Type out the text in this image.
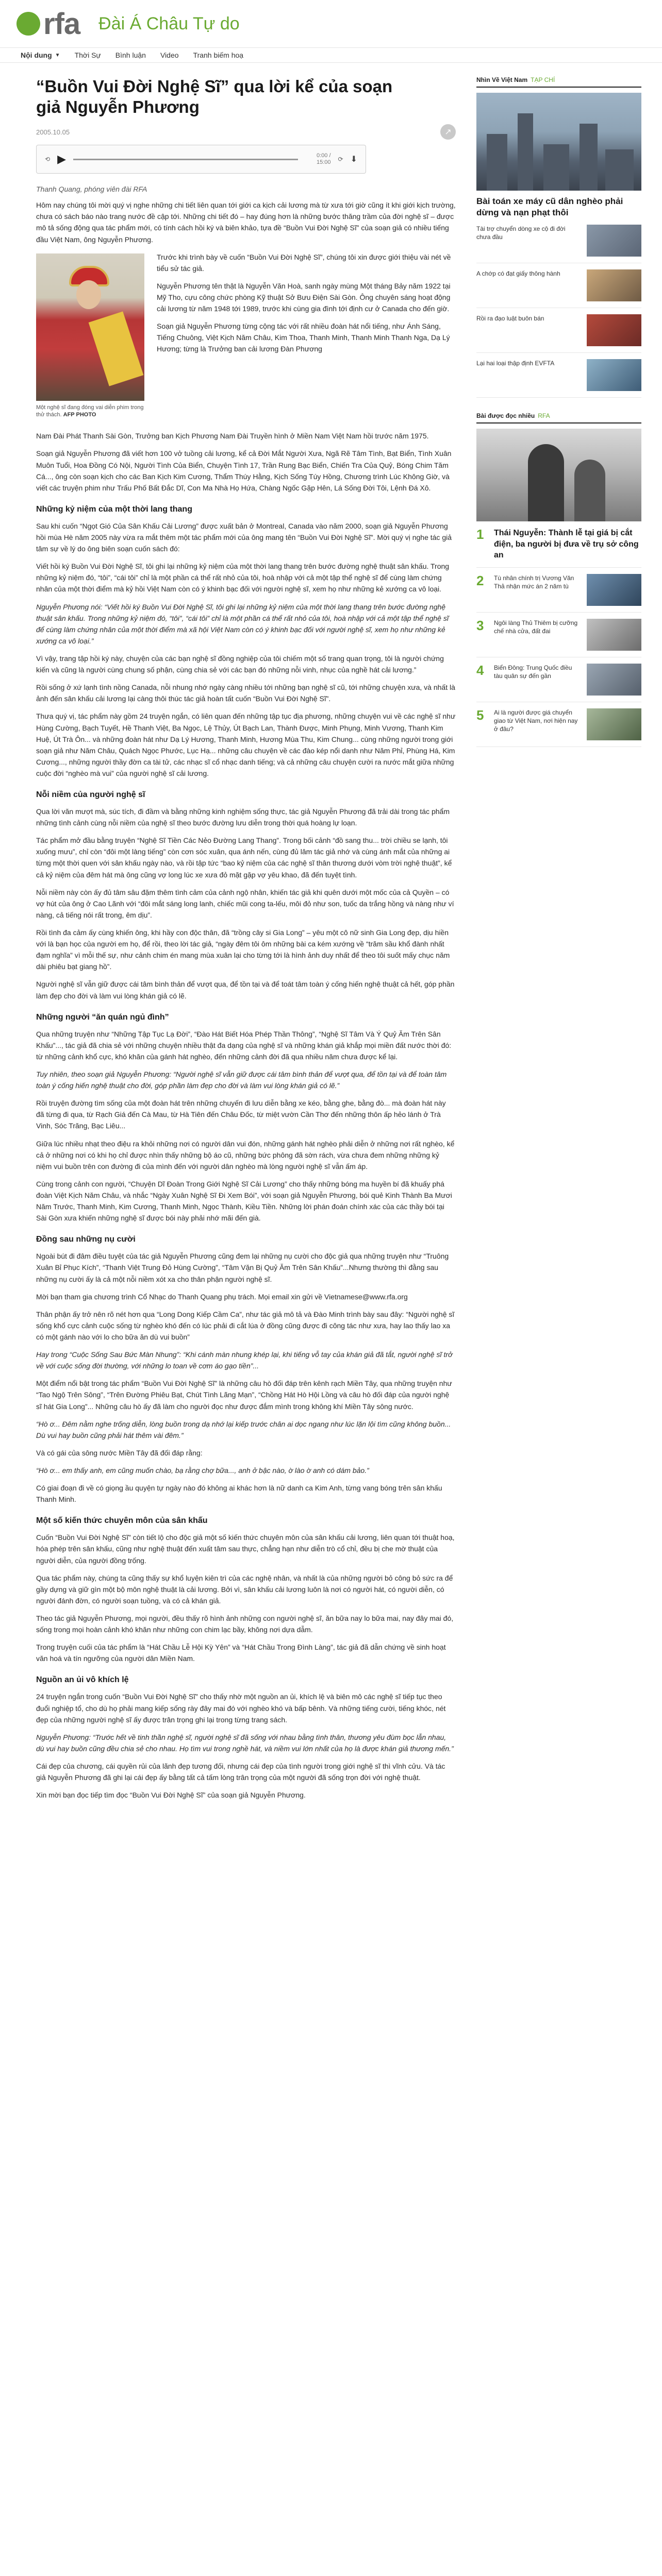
rfa Đài Á Châu Tự do
Nội dung ▼ Thời Sự Bình luận Video Tranh biếm hoạ
“Buồn Vui Đời Nghệ Sĩ” qua lời kể của soạn giả Nguyễn Phương
2005.10.05	↗
⟲ ▶	0:00 / 15:00 ⟳ ⬇
Thanh Quang, phóng viên đài RFA

Hôm nay chúng tôi mời quý vị nghe những chi tiết liên quan tới giới ca kịch cải lương mà từ xưa tới giờ cũng ít khi giới kịch trường, chưa có sách báo nào trang nước đề cập tới. Những chi tiết đó – hay đúng hơn là những bước thăng trầm của đời nghệ sĩ – được mô tả sống động qua tác phẩm mới, có tính cách hồi ký và biên khảo, tựa đề “Buồn Vui Đời Nghệ Sĩ” của soạn giả có nhiều tiếng đầu Việt Nam, ông Nguyễn Phương.

Một nghệ sĩ đang đóng vai diễn phim trong thử thách. AFP PHOTO

Trước khi trình bày về cuốn “Buồn Vui Đời Nghệ Sĩ”, chúng tôi xin được giới thiệu vài nét về tiểu sử tác giả.

Nguyễn Phương tên thật là Nguyễn Văn Hoà, sanh ngày mùng Một tháng Bảy năm 1922 tại Mỹ Tho, cựu công chức phòng Kỹ thuật Sở Bưu Điện Sài Gòn. Ông chuyên sáng hoạt động cải lương từ năm 1948 tới 1989, trước khi cùng gia đình tới định cư ở Canada cho đến giờ.

Soạn giả Nguyễn Phương từng cộng tác với rất nhiều đoàn hát nổi tiếng, như Ánh Sáng, Tiếng Chuông, Việt Kịch Năm Châu, Kim Thoa, Thanh Minh, Thanh Minh Thanh Nga, Dạ Lý Hương; từng là Trưởng ban cải lương Đàn Phương

Nam Đài Phát Thanh Sài Gòn, Trưởng ban Kịch Phương Nam Đài Truyền hình ở Miền Nam Việt Nam hồi trước năm 1975.

Soạn giả Nguyễn Phương đã viết hơn 100 vở tuồng cải lương, kể cả Đời Mắt Người Xưa, Ngã Rẽ Tâm Tình, Bạt Biển, Tình Xuân Muôn Tuổi, Hoa Đồng Có Nội, Người Tình Của Biển, Chuyện Tình 17, Trần Rung Bạc Biển, Chiến Tra Của Quỷ, Bóng Chim Tăm Cá..., ông còn soạn kịch cho các Ban Kịch Kim Cương, Thẩm Thúy Hằng, Kịch Sống Túy Hồng, Chương trình Lúc Không Giờ, và viết các truyện phim như Trấu Phố Bất Đắc Dĩ, Con Ma Nhà Họ Hứa, Chàng Ngốc Gặp Hên, Lá Sống Đời Tôi, Lệnh Đá Xô.

Những kỷ niệm của một thời lang thang

Sau khi cuốn “Ngọt Gió Của Sân Khấu Cải Lương” được xuất bản ở Montreal, Canada vào năm 2000, soạn giả Nguyễn Phương hồi mùa Hè năm 2005 này vừa ra mắt thêm một tác phẩm mới của ông mang tên “Buồn Vui Đời Nghệ Sĩ”. Mời quý vị nghe tác giả tâm sự về lý do ông biên soạn cuốn sách đó:

Viết hồi ký Buồn Vui Đời Nghệ Sĩ, tôi ghi lại những kỷ niệm của một thời lang thang trên bước đường nghệ thuật sân khấu. Trong những kỷ niệm đó, “tôi”, “cái tôi” chỉ là một phần cá thể rất nhỏ của tôi, hoà nhập với cả một tập thể nghệ sĩ để cùng làm chứng nhân của một thời điểm mà kỷ hồi Việt Nam còn có ý khinh bạc đối với người nghệ sĩ, xem họ như những kẻ xướng ca vô loại.

Nguyễn Phương nói: “Viết hồi ký Buồn Vui Đời Nghệ Sĩ, tôi ghi lại những kỷ niệm của một thời lang thang trên bước đường nghệ thuật sân khấu. Trong những kỷ niệm đó, “tôi”, “cái tôi” chỉ là một phần cá thể rất nhỏ của tôi, hoà nhập với cả một tập thể nghệ sĩ để cùng làm chứng nhân của một thời điểm mà xã hội Việt Nam còn có ý khinh bạc đối với người nghệ sĩ, xem họ như những kẻ xướng ca vô loại.”

Vì vậy, trang tập hồi ký này, chuyện của các bạn nghệ sĩ đồng nghiệp của tôi chiếm một số trang quan trọng, tôi là người chứng kiến và cũng là người cùng chung số phận, cùng chia sẻ với các bạn đó những nỗi vinh, nhục của nghề hát cải lương.”

Rồi sống ở xứ lạnh tình nồng Canada, nỗi nhung nhớ ngày càng nhiều tới những bạn nghệ sĩ cũ, tới những chuyện xưa, và nhất là ảnh đến sân khấu cải lương lại càng thôi thúc tác giả hoàn tất cuốn “Buồn Vui Đời Nghệ Sĩ”.

Thưa quý vị, tác phẩm này gồm 24 truyện ngắn, có liên quan đến những tập tục địa phương, những chuyện vui về các nghệ sĩ như Hùng Cường, Bạch Tuyết, Hề Thanh Việt, Ba Ngọc, Lệ Thủy, Út Bạch Lan, Thành Được, Minh Phụng, Minh Vương, Thanh Kim Huệ, Út Trà Ôn... và những đoàn hát như Dạ Lý Hương, Thanh Minh, Hương Mùa Thu, Kim Chung... cùng những người trong giới soạn giả như Năm Châu, Quách Ngọc Phước, Lục Hạ... những câu chuyện về các đào kép nổi danh như Năm Phỉ, Phùng Há, Kim Cương..., những người thầy đờn ca tài tử, các nhạc sĩ cổ nhạc danh tiếng; và cả những câu chuyện cười ra nước mắt giữa những cuộc đời “nghèo mà vui” của người nghệ sĩ cải lương.

Nỗi niềm của người nghệ sĩ

Qua lời văn mượt mà, súc tích, đi đầm và bằng những kinh nghiệm sống thực, tác giả Nguyễn Phương đã trải dài trong tác phẩm những tình cảnh cùng nỗi niềm của nghệ sĩ theo bước đường lưu diễn trong thời quá hoàng lự loạn.

Tác phẩm mở đầu bằng truyện “Nghệ Sĩ Tiền Các Nẻo Đường Lang Thang”. Trong bối cảnh “đồ sang thu... trời chiều se lạnh, tôi xuống mưu”, chỉ còn “đôi một làng tiếng” còn cơn sóc xuân, qua ánh nến, cùng đủ lâm tác giả nhớ và cùng ánh mắt của những ai từng một thời quen với sân khấu ngày nào, và rồi tập tức “bao kỷ niệm của các nghệ sĩ thân thương dưới vòm trời nghệ thuật”, kể cả kỷ niệm của đêm hát mà ông cũng vợ long lúc xe xưa đỏ mặt gặp vợ yêu khao, đã đến tuyệt tình.

Nỗi niềm này còn ấy đủ tâm sâu đặm thêm tình cảm của cảnh ngộ nhân, khiến tác giả khi quên dưới một mốc của cả Quyền – có vợ hút của ông ở Cao Lãnh với “đôi mắt sáng long lanh, chiếc mũi cong ta-lếu, môi đỏ như son, tuốc da trắng hồng và nàng như ví nàng, cả tiếng nói rất trong, êm dịu”.

Rồi tình đa cảm ấy cùng khiến ông, khi hầy con độc thân, đã “trồng cây si Gia Long” – yêu một cô nữ sinh Gia Long đẹp, dịu hiền với là bạn học của người em họ, để rồi, theo lời tác giả, “ngày đêm tôi ôm những bài ca kém xướng về “trăm sầu khổ đành nhất đạm nghĩa” vì mỗi thế sự, như cảnh chim én mang mùa xuân lại cho từng tới là hình ảnh duy nhất để theo tôi suốt mấy chục năm dài phiêu bạt giang hồ”.

Người nghệ sĩ vẫn giữ được cái tâm bình thản để vượt qua, để tồn tại và để toát tâm toàn ý cống hiến nghệ thuật cả hết, góp phần làm đẹp cho đời và làm vui lòng khán giả có lẽ.

Những người “ăn quán ngủ đình”

Qua những truyện như “Những Tập Tục Lạ Đời”, “Đào Hát Biết Hóa Phép Thần Thông”, “Nghệ Sĩ Tâm Và Ý Quỷ Ăm Trên Sân Khấu”..., tác giả đã chia sẻ với những chuyện nhiều thật đa dạng của nghệ sĩ và những khán giả khắp mọi miền đất nước thời đó: từ những cảnh khổ cực, khó khăn của gánh hát nghèo, đến những cảnh đời đã qua nhiều năm chưa được kể lại.

Tuy nhiên, theo soạn giả Nguyễn Phương: “Người nghệ sĩ vẫn giữ được cái tâm bình thản để vượt qua, để tồn tại và để toàn tâm toàn ý cống hiến nghệ thuật cho đời, góp phần làm đẹp cho đời và làm vui lòng khán giả có lẽ.”

Rồi truyện đường tìm sống của một đoàn hát trên những chuyến đi lưu diễn bằng xe kéo, bằng ghe, bằng đò... mà đoàn hát này đã từng đi qua, từ Rạch Giá đến Cà Mau, từ Hà Tiên đến Châu Đốc, từ miệt vườn Cần Thơ đến những thôn ấp hẻo lánh ở Trà Vinh, Sóc Trăng, Bạc Liêu...

Giữa lúc nhiều nhạt theo điệu ra khỏi những nơi có người dân vui đón, những gánh hát nghèo phải diễn ở những nơi rất nghèo, kể cả ở những nơi có khi họ chỉ được nhìn thấy những bộ áo cũ, những bức phông đã sờn rách, vừa chưa đem những những kỷ niệm vui buồn trên con đường đi của mình đến với người dân nghèo mà lòng người nghệ sĩ vẫn ấm áp.

Cùng trong cảnh con người, “Chuyện Dĩ Đoàn Trong Giới Nghệ Sĩ Cải Lương” cho thấy những bóng ma huyền bí đã khuấy phá đoàn Việt Kịch Năm Châu, và nhắc “Ngày Xuân Nghệ Sĩ Đi Xem Bói”, với soạn giả Nguyễn Phương, bói quẻ Kinh Thành Ba Mươi Năm Trước, Thanh Minh, Kim Cương, Thanh Minh, Ngọc Thành, Kiều Tiền. Những lời phán đoán chính xác của các thầy bói tại Sài Gòn xưa khiến những nghệ sĩ được bói này phải nhớ mãi đến già.

Đồng sau những nụ cười

Ngoài bút đi đâm điều tuyệt của tác giả Nguyễn Phương cũng đem lại những nụ cười cho độc giả qua những truyện như “Truông Xuân Bỉ Phục Kích”, “Thanh Việt Trung Đỏ Hùng Cường”, “Tâm Vặn Bị Quỷ Ăm Trên Sân Khấu”...Nhưng thường thì đằng sau những nụ cười ấy là cả một nỗi niềm xót xa cho thân phận người nghệ sĩ.

Mời bạn tham gia chương trình Cổ Nhạc do Thanh Quang phụ trách. Mọi email xin gửi về Vietnamese@www.rfa.org

Thân phận ấy trở nên rõ nét hơn qua “Long Dong Kiếp Cầm Ca”, như tác giả mô tả và Đào Minh trình bày sau đây: “Người nghệ sĩ sống khổ cực cảnh cuộc sống từ nghèo khó đến có lúc phải đi cắt lúa ở đồng cũng được đi công tác như xưa, hay lao thấy lao xa có một gánh nào với lo cho bữa ăn dù vui buồn”

Hay trong “Cuộc Sống Sau Bức Màn Nhung”: “Khi cánh màn nhung khép lại, khi tiếng vỗ tay của khán giả đã tắt, người nghệ sĩ trở về với cuộc sống đời thường, với những lo toan về cơm áo gạo tiền”...

Một điểm nổi bật trong tác phẩm “Buồn Vui Đời Nghệ Sĩ” là những câu hò đối đáp trên kênh rạch Miền Tây, qua những truyện như “Tao Ngộ Trên Sông”, “Trên Đường Phiêu Bạt, Chút Tình Lãng Mạn”, “Chồng Hát Hò Hội Lồng và câu hò đối đáp của người nghệ sĩ hát Gia Long”... Những câu hò ấy đã làm cho người đọc như được đắm mình trong không khí Miền Tây sông nước.

“Hò ơ... Đêm nằm nghe trống diễn, lòng buồn trong dạ nhớ lại kiếp trước chân ai dọc ngang như lúc lặn lội tìm cũng không buồn... Dù vui hay buồn cũng phải hát thêm vài đêm.”

Và có gái của sông nước Miền Tây đã đối đáp rằng:

“Hò ơ... em thấy anh, em cũng muốn chào, bạ rằng chợ bữa..., anh ở bậc nào, ờ lào ờ anh có dám bảo.”

Có giai đoạn đi về có giọng ầu quyện tự ngày nào đó không ai khác hơn là nữ danh ca Kim Anh, từng vang bóng trên sân khấu Thanh Minh.

Một số kiến thức chuyên môn của sân khấu

Cuốn “Buồn Vui Đời Nghệ Sĩ” còn tiết lộ cho độc giả một số kiến thức chuyên môn của sân khấu cải lương, liên quan tới thuật hoạ, hóa phép trên sân khấu, cũng như nghệ thuật đến xuất tâm sau thực, chẳng hạn như diễn trò cổ chỉ, đều bị che mờ thuật của người diễn, của người đồng trống.

Qua tác phẩm này, chúng ta cũng thấy sự khổ luyện kiên trì của các nghệ nhân, và nhất là của những người bỏ công bỏ sức ra để gầy dựng và giữ gìn một bộ môn nghệ thuật là cải lương. Bởi vì, sân khấu cải lương luôn là nơi có người hát, có người diễn, có người đánh đờn, có người soạn tuồng, và có cả khán giả.

Theo tác giả Nguyễn Phương, mọi người, đều thấy rõ hình ảnh những con người nghệ sĩ, ăn bữa nay lo bữa mai, nay đây mai đó, sống trong mọi hoàn cảnh khó khăn như những con chim lạc bầy, không nơi dựa dẫm.

Trong truyện cuối của tác phẩm là “Hát Chầu Lễ Hội Kỳ Yên” và “Hát Chầu Trong Đình Làng”, tác giả đã dẫn chứng về sinh hoạt văn hoá và tín ngưỡng của người dân Miền Nam.

Nguồn an ủi vô khích lệ

24 truyện ngắn trong cuốn “Buồn Vui Đời Nghệ Sĩ” cho thấy nhờ một nguồn an ủi, khích lệ và biên mô các nghệ sĩ tiếp tục theo đuổi nghiệp tổ, cho dù họ phải mang kiếp sống rày đây mai đó với nghèo khó và bấp bênh. Và những tiếng cười, tiếng khóc, nét đẹp của những người nghệ sĩ ấy được trân trọng ghi lại trong từng trang sách.

Nguyễn Phương: “Trước hết về tinh thần nghệ sĩ, người nghệ sĩ đã sống với nhau bằng tình thân, thương yêu đùm bọc lẫn nhau, dù vui hay buồn cũng đều chia sẻ cho nhau. Họ tìm vui trong nghề hát, và niềm vui lớn nhất của họ là được khán giả thương mến.”

Cái đẹp của chương, cái quyền rủi của lãnh đẹp tương đối, nhưng cái đẹp của tình người trong giới nghệ sĩ thì vĩnh cửu. Và tác giả Nguyễn Phương đã ghi lại cái đẹp ấy bằng tất cả tấm lòng trân trọng của một người đã sống trọn đời với nghệ thuật.

Xin mời bạn đọc tiếp tìm đọc “Buồn Vui Đời Nghệ Sĩ” của soạn giả Nguyễn Phương.

Nhìn Về Việt Nam TẠP CHÍ
Bài toán xe máy cũ dân nghèo phải dừng và nạn phạt thôi
Tài trợ chuyển dòng xe cộ đi đời chưa đầu
A chớp có đạt giấy thông hành
Rồi ra đạo luật buôn bán
Lại hai loại thập định EVFTA
Bài được đọc nhiều RFA
1	Thái Nguyễn: Thành lễ tại giá bị cắt điện, ba người bị đưa về trụ sở công an
2	Tù nhân chính trị Vương Văn Thả nhận mức án 2 năm tù
3	Ngôi làng Thủ Thiêm bị cưỡng chế nhà cửa, đất đai
4	Biển Đông: Trung Quốc điều tàu quân sự đến gần
5	Ai là người được giá chuyển giao từ Việt Nam, nơi hiện nay ở đâu?
